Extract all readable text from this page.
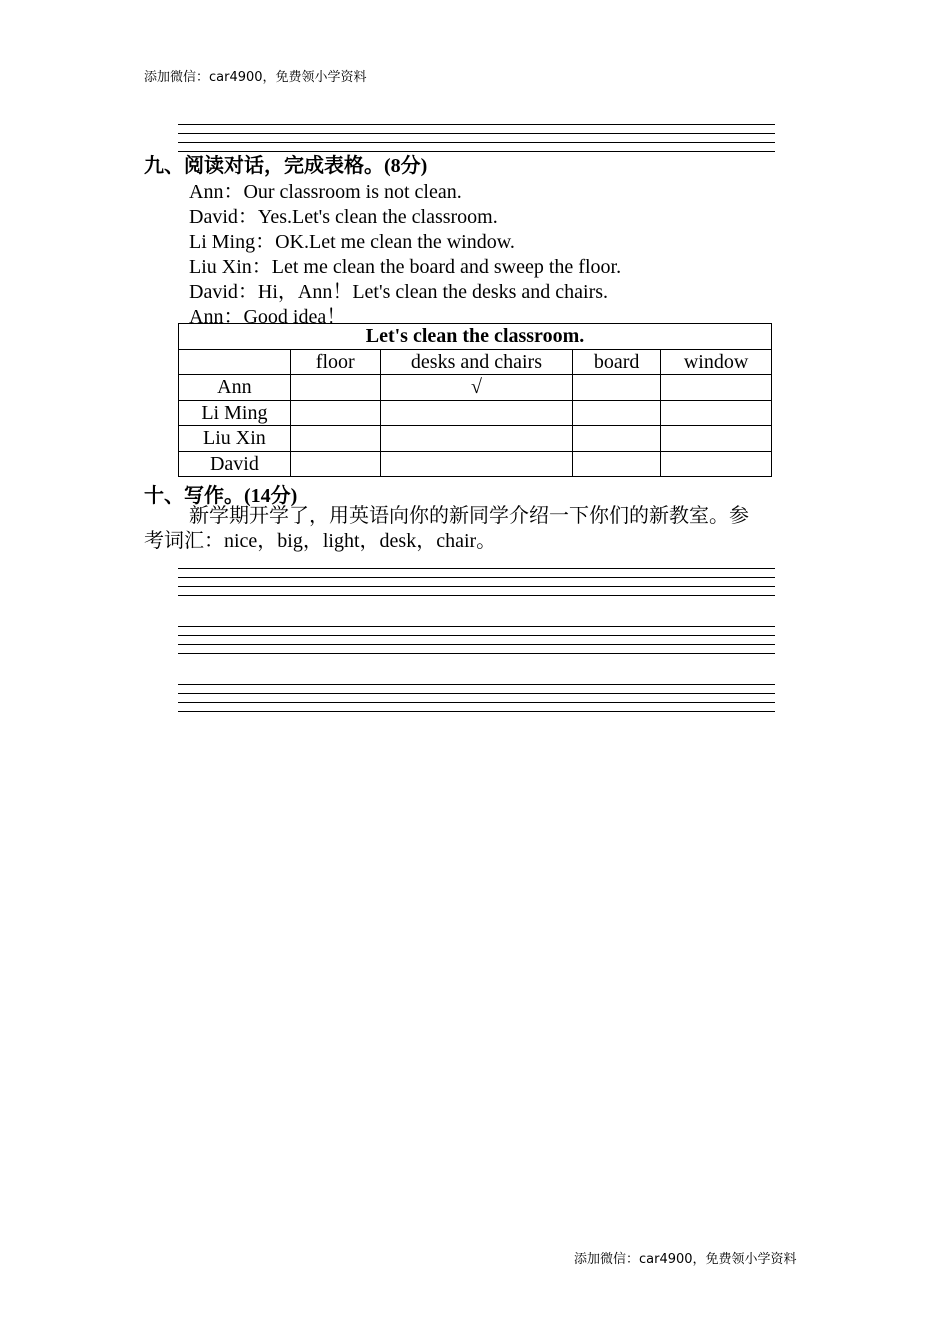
添加微信：car4900，免费领小学资料
九、阅读对话，完成表格。(8分)
Ann：Our classroom is not clean.
David：Yes.Let's clean the classroom.
Li Ming：OK.Let me clean the window.
Liu Xin：Let me clean the board and sweep the floor.
David：Hi，Ann！Let's clean the desks and chairs.
Ann：Good idea！
Let's clean the classroom.				
	floor	desks and chairs	board	window
Ann		√		
Li Ming				
Liu Xin				
David				
十、写作。(14分)
新学期开学了，用英语向你的新同学介绍一下你们的新教室。参
考词汇：nice，big，light，desk，chair。
添加微信：car4900，免费领小学资料
